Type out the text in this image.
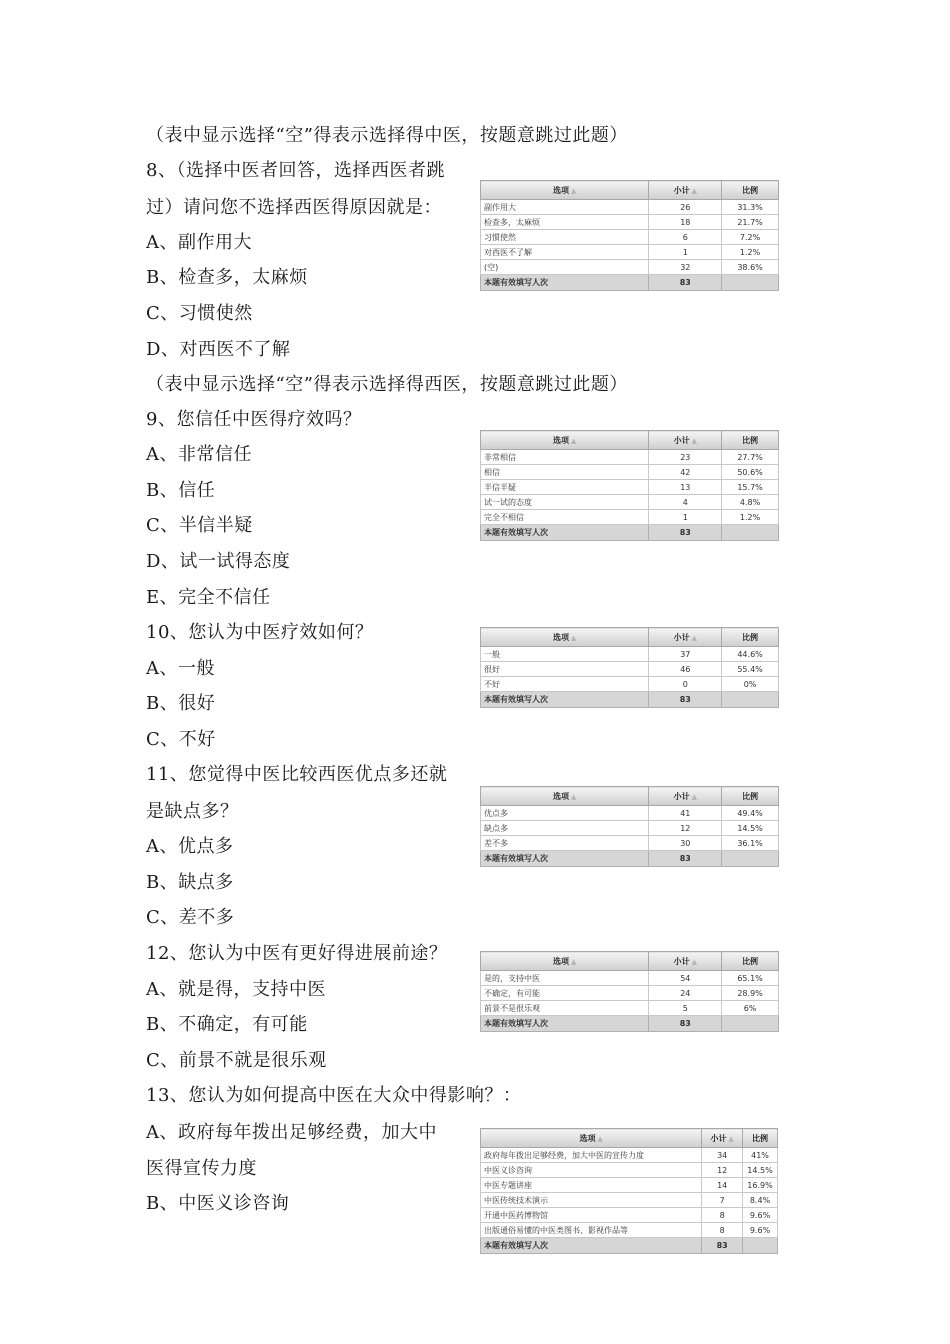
（表中显示选择“空”得表示选择得中医，按题意跳过此题）
8、（选择中医者回答，选择西医者跳
过）请问您不选择西医得原因就是：
A、副作用大
B、检查多，太麻烦
C、习惯使然
D、对西医不了解
（表中显示选择“空”得表示选择得西医，按题意跳过此题）
9、您信任中医得疗效吗？
A、非常信任
B、信任
C、半信半疑
D、试一试得态度
E、完全不信任
10、您认为中医疗效如何？
A、一般
B、很好
C、不好
11、您觉得中医比较西医优点多还就
是缺点多？
A、优点多
B、缺点多
C、差不多
12、您认为中医有更好得进展前途？
A、就是得，支持中医
B、不确定，有可能
C、前景不就是很乐观
13、您认为如何提高中医在大众中得影响？：
A、政府每年拨出足够经费，加大中
医得宣传力度
B、中医义诊咨询
选项 ▲	小计 ▲	比例
副作用大	26	31.3%
检查多，太麻烦	18	21.7%
习惯使然	6	7.2%
对西医不了解	1	1.2%
(空)	32	38.6%
本题有效填写人次	83	
选项 ▲	小计 ▲	比例
非常相信	23	27.7%
相信	42	50.6%
半信半疑	13	15.7%
试一试的态度	4	4.8%
完全不相信	1	1.2%
本题有效填写人次	83	
选项 ▲	小计 ▲	比例
一般	37	44.6%
很好	46	55.4%
不好	0	0%
本题有效填写人次	83	
选项 ▲	小计 ▲	比例
优点多	41	49.4%
缺点多	12	14.5%
差不多	30	36.1%
本题有效填写人次	83	
选项 ▲	小计 ▲	比例
是的，支持中医	54	65.1%
不确定，有可能	24	28.9%
前景不是很乐观	5	6%
本题有效填写人次	83	
选项 ▲	小计 ▲	比例
政府每年拨出足够经费，加大中医的宣传力度	34	41%
中医义诊咨询	12	14.5%
中医专题讲座	14	16.9%
中医传统技术演示	7	8.4%
开通中医药博物馆	8	9.6%
出版通俗易懂的中医类图书、影视作品等	8	9.6%
本题有效填写人次	83	
